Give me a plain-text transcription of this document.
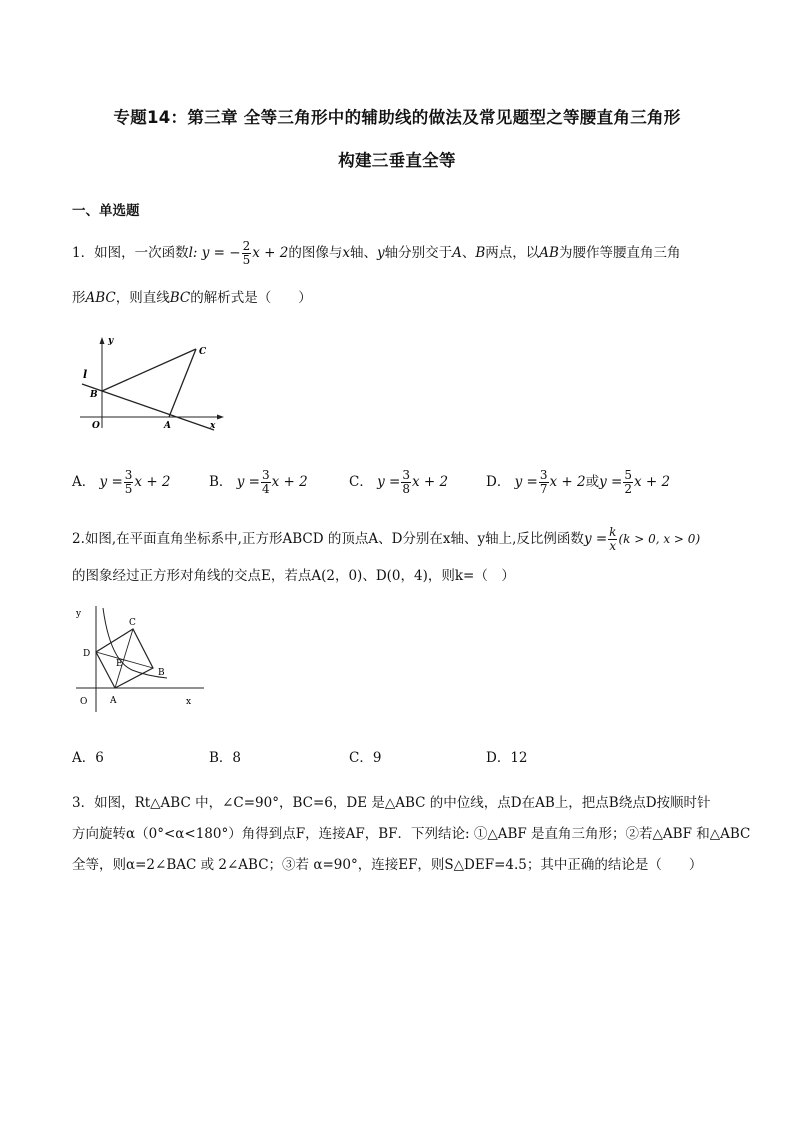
专题14：第三章 全等三角形中的辅助线的做法及常见题型之等腰直角三角形
构建三垂直全等
一、单选题
1．如图，一次函数l: y = − $\frac{2}{5}$ x + 2的图像与x轴、y轴分别交于A、B两点，以AB为腰作等腰直角三角
形ABC，则直线BC的解析式是（　　）
y
x
l
O	A
B
C
A． $y = \frac{3}{5}$ x + 2	B． $y = \frac{3}{4}$ x + 2	C． $y = \frac{3}{8}$ x + 2	D． $y = \frac{3}{7}$ x + 2或$y = \frac{5}{2}$ x + 2
2.如图,在平面直角坐标系中,正方形ABCD 的顶点A、D分别在x轴、y轴上,反比例函数$y = \frac{k}{x} (k > 0$, x > 0)
的图象经过正方形对角线的交点E，若点A(2，0)、D(0，4)，则k=（　）
y
x
O	A
B
C
D
E
A．6	B．8	C．9	D．12
3．如图，Rt△ABC 中，∠C=90°，BC=6，DE 是△ABC 的中位线，点D在AB上，把点B绕点D按顺时针
方向旋转α（0°<α<180°）角得到点F，连接AF，BF．下列结论: ①△ABF 是直角三角形；②若△ABF 和△ABC
全等，则α=2∠BAC 或 2∠ABC；③若 α=90°，连接EF，则S△DEF=4.5；其中正确的结论是（　　）
